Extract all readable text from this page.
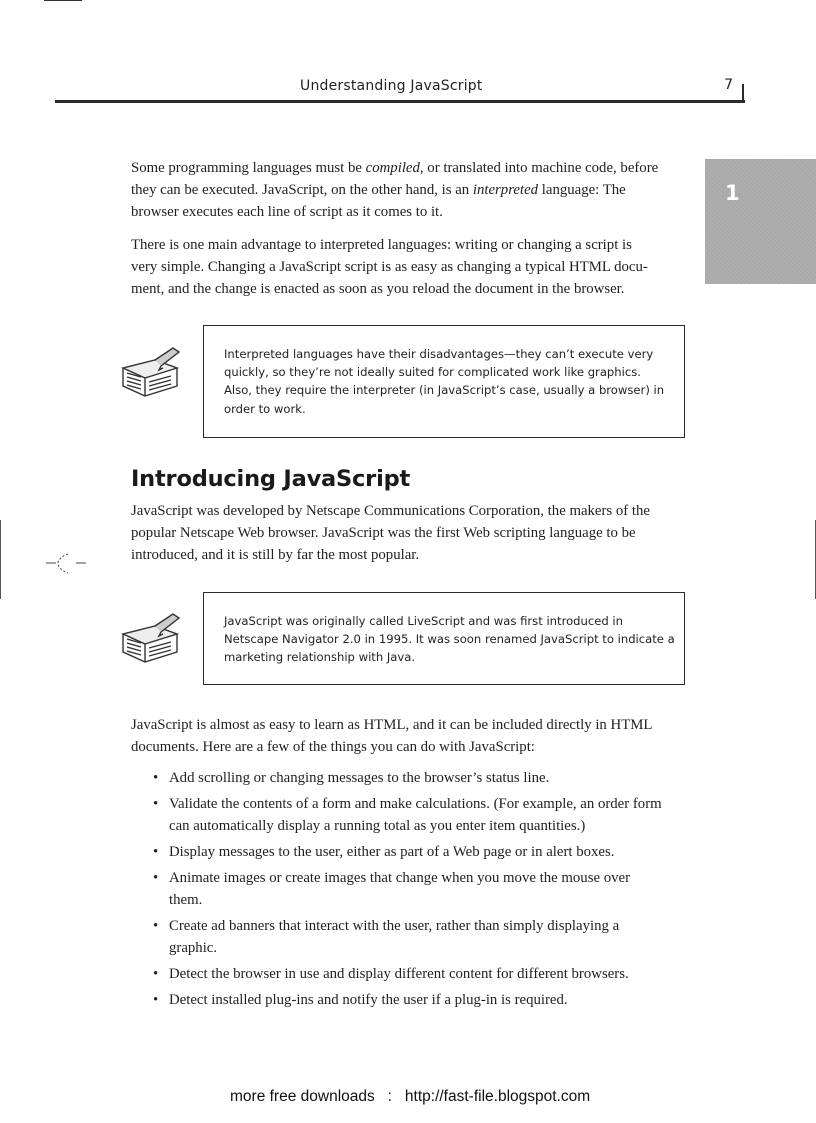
Understanding JavaScript	7
1

Some programming languages must be compiled, or translated into machine code, before
they can be executed. JavaScript, on the other hand, is an interpreted language: The
browser executes each line of script as it comes to it.

There is one main advantage to interpreted languages: writing or changing a script is
very simple. Changing a JavaScript script is as easy as changing a typical HTML docu-
ment, and the change is enacted as soon as you reload the document in the browser.

Interpreted languages have their disadvantages—they can’t execute very
quickly, so they’re not ideally suited for complicated work like graphics.
Also, they require the interpreter (in JavaScript’s case, usually a browser) in
order to work.
Introducing JavaScript

JavaScript was developed by Netscape Communications Corporation, the makers of the
popular Netscape Web browser. JavaScript was the first Web scripting language to be
introduced, and it is still by far the most popular.

JavaScript was originally called LiveScript and was first introduced in
Netscape Navigator 2.0 in 1995. It was soon renamed JavaScript to indicate a
marketing relationship with Java.

JavaScript is almost as easy to learn as HTML, and it can be included directly in HTML
documents. Here are a few of the things you can do with JavaScript:

• Add scrolling or changing messages to the browser’s status line.
• Validate the contents of a form and make calculations. (For example, an order form
can automatically display a running total as you enter item quantities.)
• Display messages to the user, either as part of a Web page or in alert boxes.
• Animate images or create images that change when you move the mouse over
them.
• Create ad banners that interact with the user, rather than simply displaying a
graphic.
• Detect the browser in use and display different content for different browsers.
• Detect installed plug-ins and notify the user if a plug-in is required.
more free downloads : http://fast-file.blogspot.com
